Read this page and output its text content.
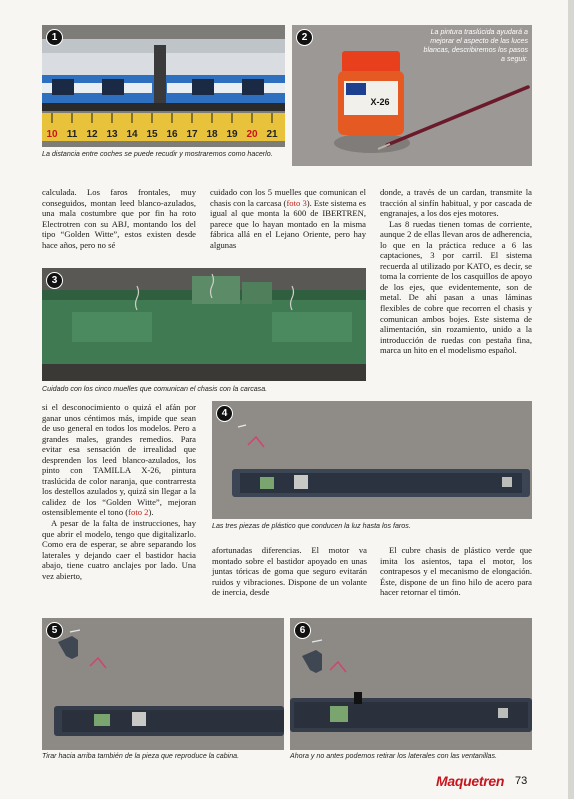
10 11 12 13 14 15 16 17 18 19 20 21
1
La distancia entre coches se puede recudir y mostraremos como hacerlo.
X-26
2	La pintura traslúcida ayudará a mejorar el aspecto de las luces blancas, describiremos los pasos a seguir.

calculada. Los faros frontales, muy conseguidos, montan leed blanco-azulados, una mala costumbre que por fin ha roto Electrotren con su ABJ, montando los del tipo “Golden Witte”, estos existen desde hace años, pero no sé

cuidado con los 5 muelles que comunican el chasis con la carcasa (foto 3). Este sistema es igual al que monta la 600 de IBERTREN, parece que lo hayan montado en la misma fábrica allá en el Lejano Oriente, pero hay algunas

donde, a través de un cardan, transmite la tracción al sinfín habitual, y por cascada de engranajes, a los dos ejes motores.

Las 8 ruedas tienen tomas de corriente, aunque 2 de ellas llevan aros de adherencia, lo que en la práctica reduce a 6 las captaciones, 3 por carril. El sistema recuerda al utilizado por KATO, es decir, se toma la corriente de los casquillos de apoyo de los ejes, que evidentemente, son de metal. De ahí pasan a unas láminas flexibles de cobre que recorren el chasis y comunican ambos bojes. Este sistema de alimentación, sin rozamiento, unido a la introducción de ruedas con pestaña fina, marca un hito en el modelismo español.

3
Cuidado con los cinco muelles que comunican el chasis con la carcasa.

si el desconocimiento o quizá el afán por ganar unos céntimos más, impide que sean de uso general en todos los modelos. Pero a grandes males, grandes remedios. Para evitar esa sensación de irrealidad que desprenden los leed blanco-azulados, los pinto con TAMILLA X-26, pintura traslúcida de color naranja, que contrarresta los destellos azulados y, quizá sin llegar a la calidez de los “Golden Witte”, mejoran ostensiblemente el tono (foto 2).

A pesar de la falta de instrucciones, hay que abrir el modelo, tengo que digitalizarlo. Como era de esperar, se abre separando los laterales y dejando caer el bastidor hacia abajo, tiene cuatro anclajes por lado. Una vez abierto,

4
Las tres piezas de plástico que conducen la luz hasta los faros.

afortunadas diferencias. El motor va montado sobre el bastidor apoyado en unas juntas tóricas de goma que seguro evitarán ruidos y vibraciones. Dispone de un volante de inercia, desde

El cubre chasis de plástico verde que imita los asientos, tapa el motor, los contrapesos y el mecanismo de elongación. Éste, dispone de un fino hilo de acero para hacer retornar el timón.

5
Tirar hacia arriba también de la pieza que reproduce la cabina.
6
Ahora y no antes podemos retirar los laterales con las ventanillas.
Maquetren 73
